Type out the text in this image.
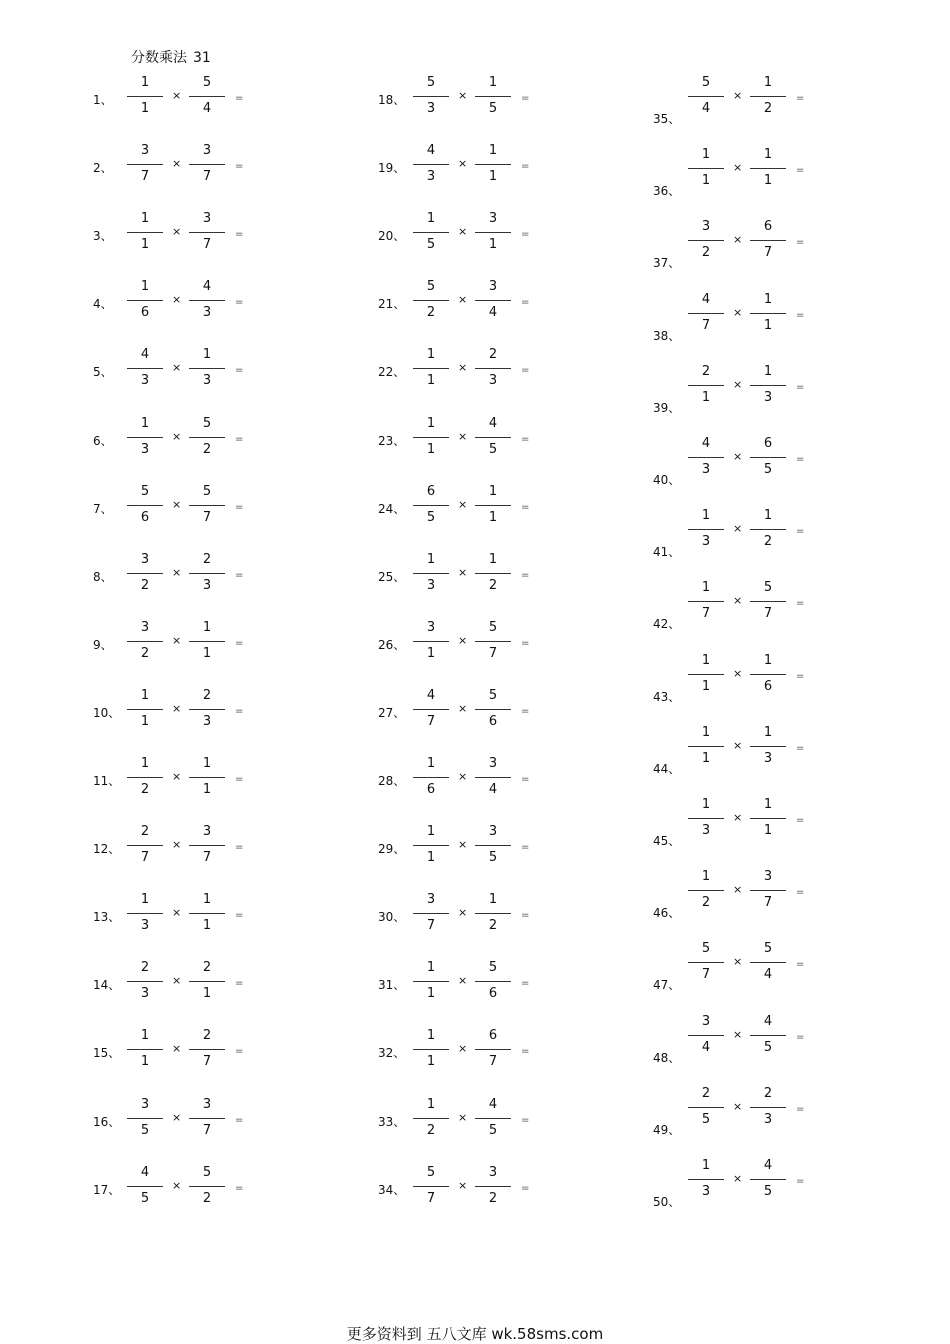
分数乘法 31
1、
1
1
×
5
4
=
2、
3
7
×
3
7
=
3、
1
1
×
3
7
=
4、
1
6
×
4
3
=
5、
4
3
×
1
3
=
6、
1
3
×
5
2
=
7、
5
6
×
5
7
=
8、
3
2
×
2
3
=
9、
3
2
×
1
1
=
10、
1
1
×
2
3
=
11、
1
2
×
1
1
=
12、
2
7
×
3
7
=
13、
1
3
×
1
1
=
14、
2
3
×
2
1
=
15、
1
1
×
2
7
=
16、
3
5
×
3
7
=
17、
4
5
×
5
2
=
18、
5
3
×
1
5
=
19、
4
3
×
1
1
=
20、
1
5
×
3
1
=
21、
5
2
×
3
4
=
22、
1
1
×
2
3
=
23、
1
1
×
4
5
=
24、
6
5
×
1
1
=
25、
1
3
×
1
2
=
26、
3
1
×
5
7
=
27、
4
7
×
5
6
=
28、
1
6
×
3
4
=
29、
1
1
×
3
5
=
30、
3
7
×
1
2
=
31、
1
1
×
5
6
=
32、
1
1
×
6
7
=
33、
1
2
×
4
5
=
34、
5
7
×
3
2
=
35、
5
4
×
1
2
=
36、
1
1
×
1
1
=
37、
3
2
×
6
7
=
38、
4
7
×
1
1
=
39、
2
1
×
1
3
=
40、
4
3
×
6
5
=
41、
1
3
×
1
2
=
42、
1
7
×
5
7
=
43、
1
1
×
1
6
=
44、
1
1
×
1
3
=
45、
1
3
×
1
1
=
46、
1
2
×
3
7
=
47、
5
7
×
5
4
=
48、
3
4
×
4
5
=
49、
2
5
×
2
3
=
50、
1
3
×
4
5
=
更多资料到 五八文库 wk.58sms.com
